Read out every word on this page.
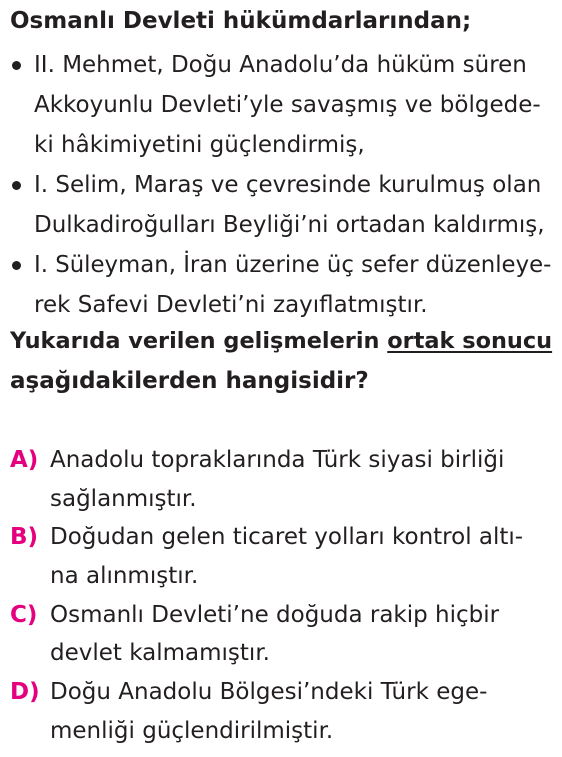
Osmanlı Devleti hükümdarlarından;
II. Mehmet, Doğu Anadolu’da hüküm süren
Akkoyunlu Devleti’yle savaşmış ve bölgede-
ki hâkimiyetini güçlendirmiş,
I. Selim, Maraş ve çevresinde kurulmuş olan
Dulkadiroğulları Beyliği’ni ortadan kaldırmış,
I. Süleyman, İran üzerine üç sefer düzenleye-
rek Safevi Devleti’ni zayıflatmıştır.
Yukarıda verilen gelişmelerin ortak sonucu
aşağıdakilerden hangisidir?
A) Anadolu topraklarında Türk siyasi birliği
sağlanmıştır.
B) Doğudan gelen ticaret yolları kontrol altı-
na alınmıştır.
C) Osmanlı Devleti’ne doğuda rakip hiçbir
devlet kalmamıştır.
D) Doğu Anadolu Bölgesi’ndeki Türk ege-
menliği güçlendirilmiştir.
